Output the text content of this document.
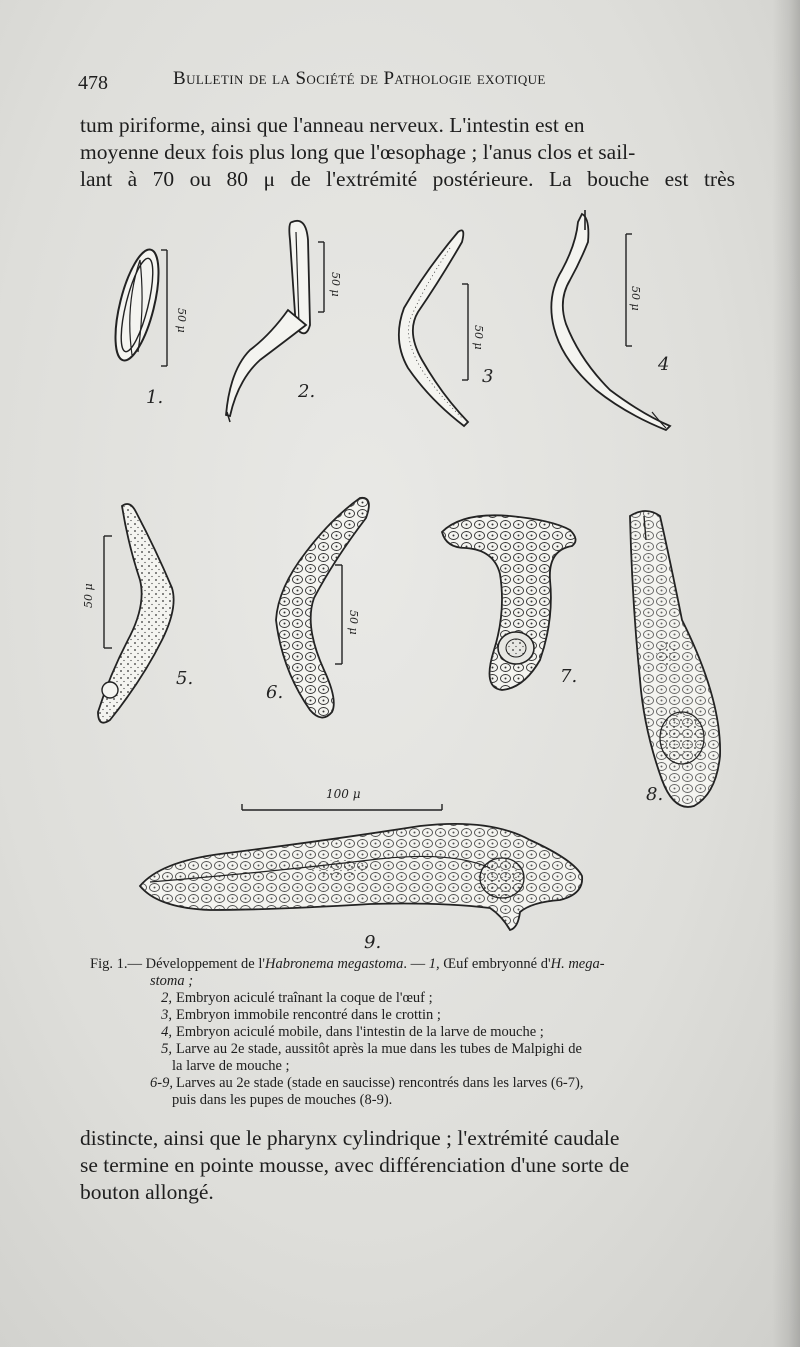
478	Bulletin de la Société de Pathologie exotique

tum piriforme, ainsi que l'anneau nerveux. L'intestin est en
moyenne deux fois plus long que l'œsophage ; l'anus clos et sail-
lant à 70 ou 80 μ de l'extrémité postérieure. La bouche est très

50 μ
1.
50 μ
2.
50 μ
3
50 μ
4
50 μ
5.
50 μ
6.
7.
8.
100 μ
9.
Fig. 1.— Développement de l'Habronema megastoma. — 1, Œuf embryonné d'H. mega-
stoma ;
2, Embryon aciculé traînant la coque de l'œuf ;
3, Embryon immobile rencontré dans le crottin ;
4, Embryon aciculé mobile, dans l'intestin de la larve de mouche ;
5, Larve au 2e stade, aussitôt après la mue dans les tubes de Malpighi de
la larve de mouche ;
6-9, Larves au 2e stade (stade en saucisse) rencontrés dans les larves (6-7),
puis dans les pupes de mouches (8-9).

distincte, ainsi que le pharynx cylindrique ; l'extrémité caudale
se termine en pointe mousse, avec différenciation d'une sorte de
bouton allongé.
